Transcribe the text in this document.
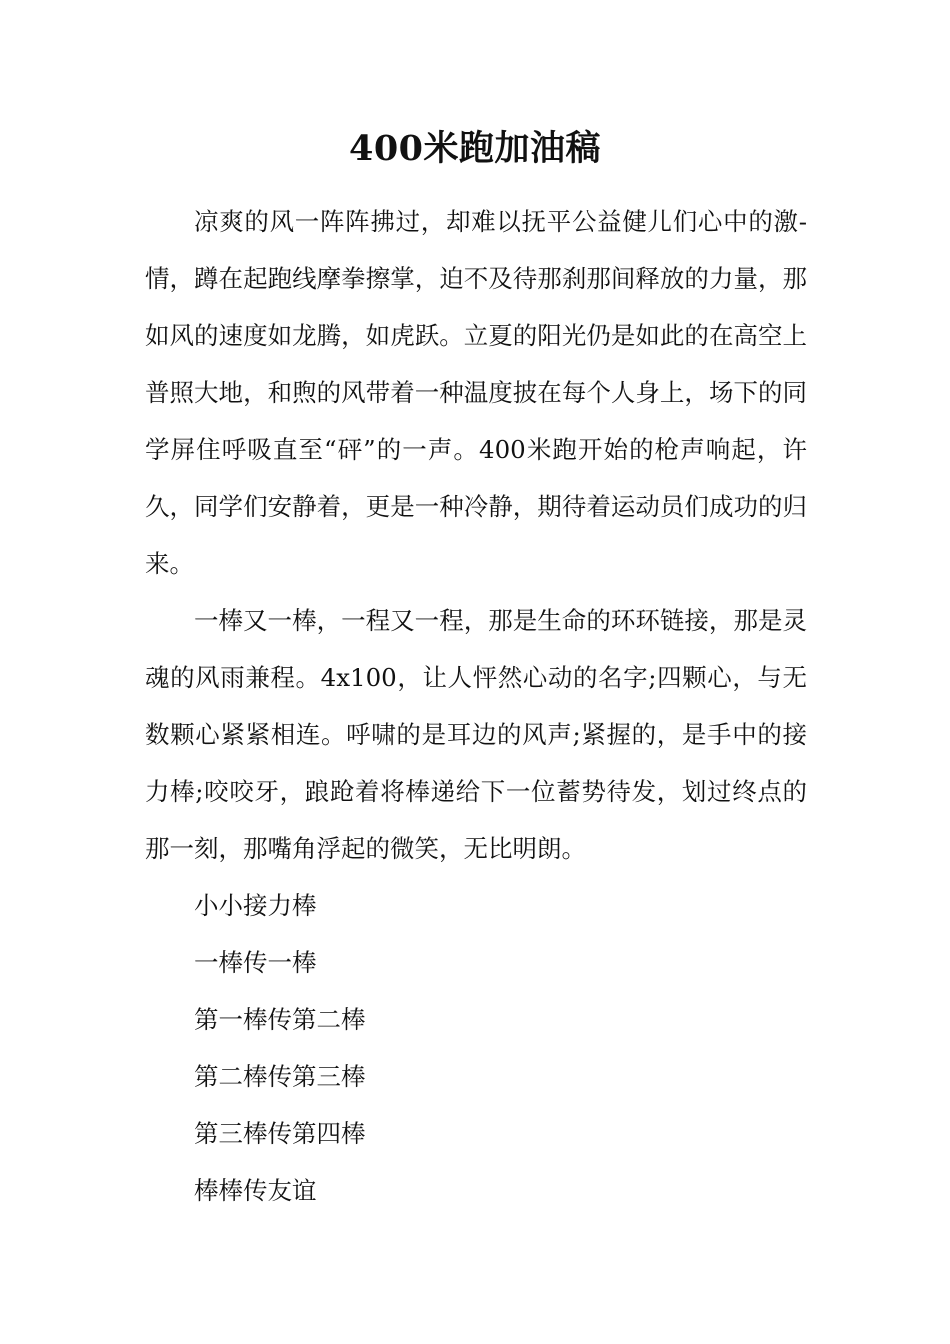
400米跑加油稿

凉爽的风一阵阵拂过，却难以抚平公益健儿们心中的激-情，蹲在起跑线摩拳擦掌，迫不及待那刹那间释放的力量，那如风的速度如龙腾，如虎跃。立夏的阳光仍是如此的在高空上普照大地，和煦的风带着一种温度披在每个人身上，场下的同学屏住呼吸直至“砰”的一声。400米跑开始的枪声响起，许久，同学们安静着，更是一种冷静，期待着运动员们成功的归来。

一棒又一棒，一程又一程，那是生命的环环链接，那是灵魂的风雨兼程。4x100，让人怦然心动的名字;四颗心，与无数颗心紧紧相连。呼啸的是耳边的风声;紧握的，是手中的接力棒;咬咬牙，踉跄着将棒递给下一位蓄势待发，划过终点的那一刻，那嘴角浮起的微笑，无比明朗。

小小接力棒

一棒传一棒

第一棒传第二棒

第二棒传第三棒

第三棒传第四棒

棒棒传友谊
